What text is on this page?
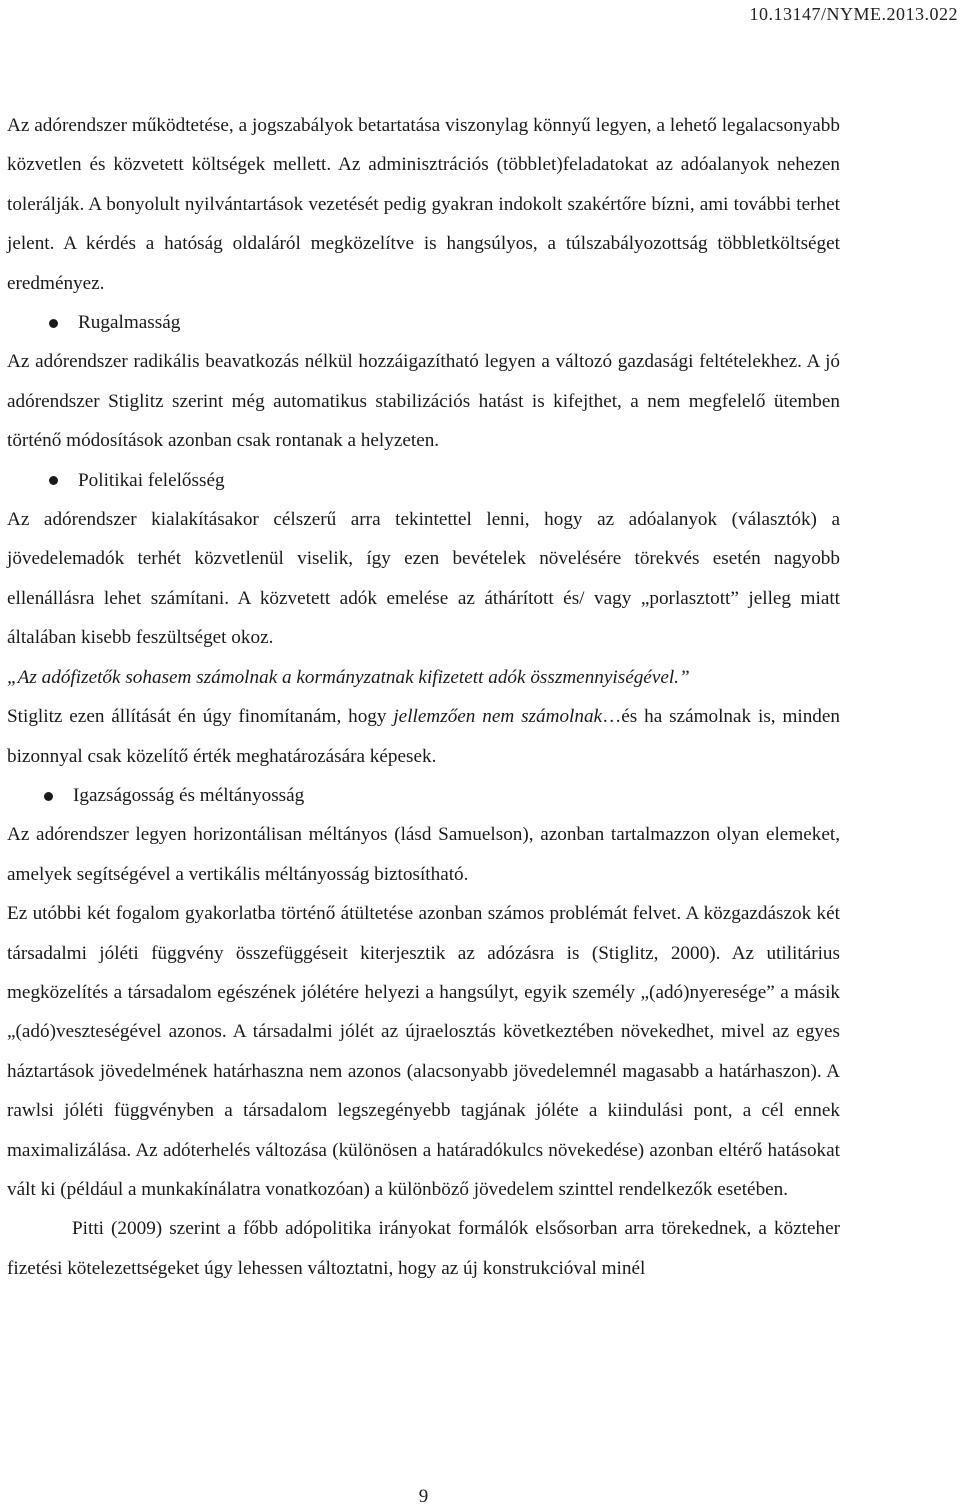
10.13147/NYME.2013.022

Az adórendszer működtetése, a jogszabályok betartatása viszonylag könnyű legyen, a lehető legalacsonyabb közvetlen és közvetett költségek mellett. Az adminisztrációs (többlet)feladatokat az adóalanyok nehezen tolerálják. A bonyolult nyilvántartások vezetését pedig gyakran indokolt szakértőre bízni, ami további terhet jelent. A kérdés a hatóság oldaláról megközelítve is hangsúlyos, a túlszabályozottság többletköltséget eredményez.

Rugalmasság

Az adórendszer radikális beavatkozás nélkül hozzáigazítható legyen a változó gazdasági feltételekhez. A jó adórendszer Stiglitz szerint még automatikus stabilizációs hatást is kifejthet, a nem megfelelő ütemben történő módosítások azonban csak rontanak a helyzeten.

Politikai felelősség

Az adórendszer kialakításakor célszerű arra tekintettel lenni, hogy az adóalanyok (választók) a jövedelemadók terhét közvetlenül viselik, így ezen bevételek növelésére törekvés esetén nagyobb ellenállásra lehet számítani. A közvetett adók emelése az áthárított és/ vagy „porlasztott” jelleg miatt általában kisebb feszültséget okoz.

„Az adófizetők sohasem számolnak a kormányzatnak kifizetett adók összmennyiségével.”

Stiglitz ezen állítását én úgy finomítanám, hogy jellemzően nem számolnak…és ha számolnak is, minden bizonnyal csak közelítő érték meghatározására képesek.

Igazságosság és méltányosság

Az adórendszer legyen horizontálisan méltányos (lásd Samuelson), azonban tartalmazzon olyan elemeket, amelyek segítségével a vertikális méltányosság biztosítható.

Ez utóbbi két fogalom gyakorlatba történő átültetése azonban számos problémát felvet. A közgazdászok két társadalmi jóléti függvény összefüggéseit kiterjesztik az adózásra is (Stiglitz, 2000). Az utilitárius megközelítés a társadalom egészének jólétére helyezi a hangsúlyt, egyik személy „(adó)nyeresége” a másik „(adó)veszteségével azonos. A társadalmi jólét az újraelosztás következtében növekedhet, mivel az egyes háztartások jövedelmének határhaszna nem azonos (alacsonyabb jövedelemnél magasabb a határhaszon). A rawlsi jóléti függvényben a társadalom legszegényebb tagjának jóléte a kiindulási pont, a cél ennek maximalizálása. Az adóterhelés változása (különösen a határadókulcs növekedése) azonban eltérő hatásokat vált ki (például a munkakínálatra vonatkozóan) a különböző jövedelem szinttel rendelkezők esetében.

Pitti (2009) szerint a főbb adópolitika irányokat formálók elsősorban arra törekednek, a közteher fizetési kötelezettségeket úgy lehessen változtatni, hogy az új konstrukcióval minél

9
